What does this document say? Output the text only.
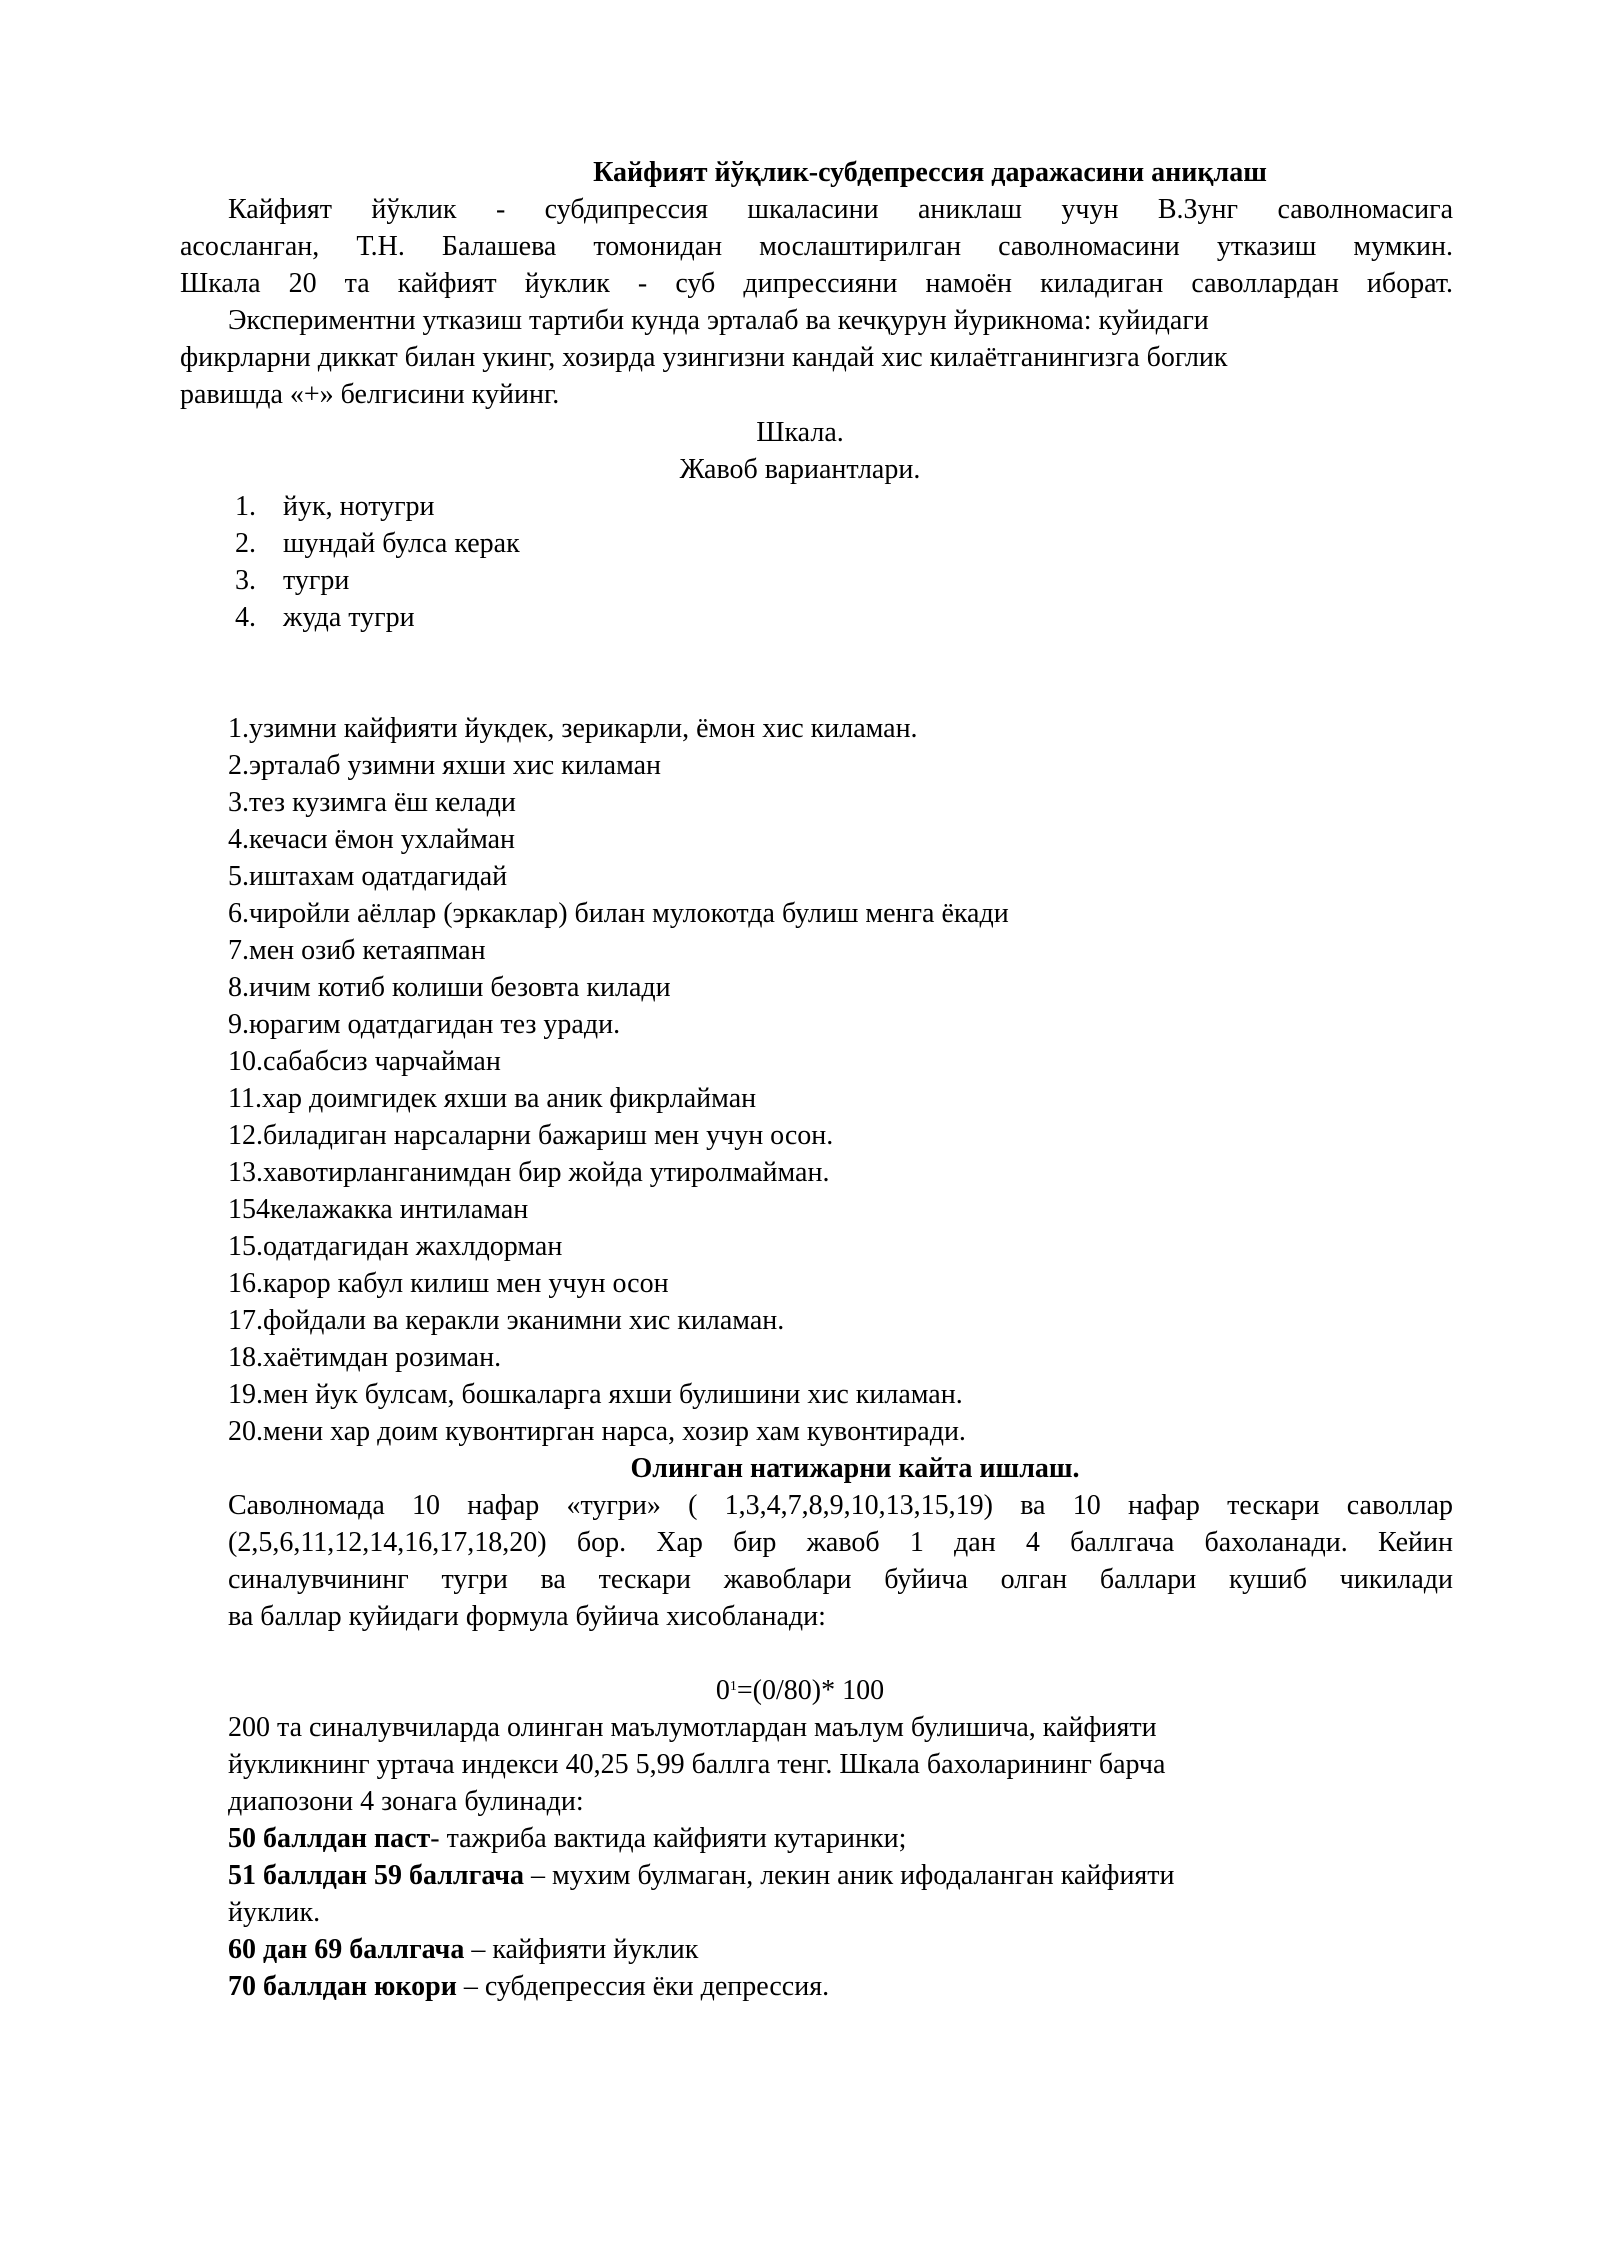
Кайфият йўқлик-субдепрессия даражасини аниқлаш
Кайфият йўклик - субдипрессия шкаласини аниклаш учун В.Зунг саволномасига
асосланган, Т.Н. Балашева томонидан мослаштирилган саволномасини утказиш мумкин.
Шкала 20 та кайфият йуклик - суб дипрессияни намоён киладиган саволлардан иборат.
Экспериментни утказиш тартиби кунда эрталаб ва кечқурун йурикнома: куйидаги
фикрларни диккат билан укинг, хозирда узингизни кандай хис килаётганингизга боглик
равишда «+» белгисини куйинг.
Шкала.
Жавоб вариантлари.
1. йук, нотугри
2. шундай булса керак
3. тугри
4. жуда тугри
1.узимни кайфияти йукдек, зерикарли, ёмон хис киламан.
2.эрталаб узимни яхши хис киламан
3.тез кузимга ёш келади
4.кечаси ёмон ухлайман
5.иштахам одатдагидай
6.чиройли аёллар (эркаклар) билан мулокотда булиш менга ёкади
7.мен озиб кетаяпман
8.ичим котиб колиши безовта килади
9.юрагим одатдагидан тез уради.
10.сабабсиз чарчайман
11.хар доимгидек яхши ва аник фикрлайман
12.биладиган нарсаларни бажариш мен учун осон.
13.хавотирланганимдан бир жойда утиролмайман.
154келажакка интиламан
15.одатдагидан жахлдорман
16.карор кабул килиш мен учун осон
17.фойдали ва керакли эканимни хис киламан.
18.хаётимдан розиман.
19.мен йук булсам, бошкаларга яхши булишини хис киламан.
20.мени хар доим кувонтирган нарса, хозир хам кувонтиради.
Олинган натижарни кайта ишлаш.
Саволномада 10 нафар «тугри» ( 1,3,4,7,8,9,10,13,15,19) ва 10 нафар тескари саволлар
(2,5,6,11,12,14,16,17,18,20) бор. Хар бир жавоб 1 дан 4 баллгача бахоланади. Кейин
синалувчининг тугри ва тескари жавоблари буйича олган баллари кушиб чикилади
ва баллар куйидаги формула буйича хисобланади:
$0^1=(0/80)*$ 100
200 та синалувчиларда олинган маълумотлардан маълум булишича, кайфияти
йукликнинг уртача индекси 40,25 5,99 баллга тенг. Шкала бахоларининг барча
диапозони 4 зонага булинади:
50 баллдан паст- тажриба вактида кайфияти кутаринки;
51 баллдан 59 баллгача – мухим булмаган, лекин аник ифодаланган кайфияти
йуклик.
60 дан 69 баллгача – кайфияти йуклик
70 баллдан юкори – субдепрессия ёки депрессия.
